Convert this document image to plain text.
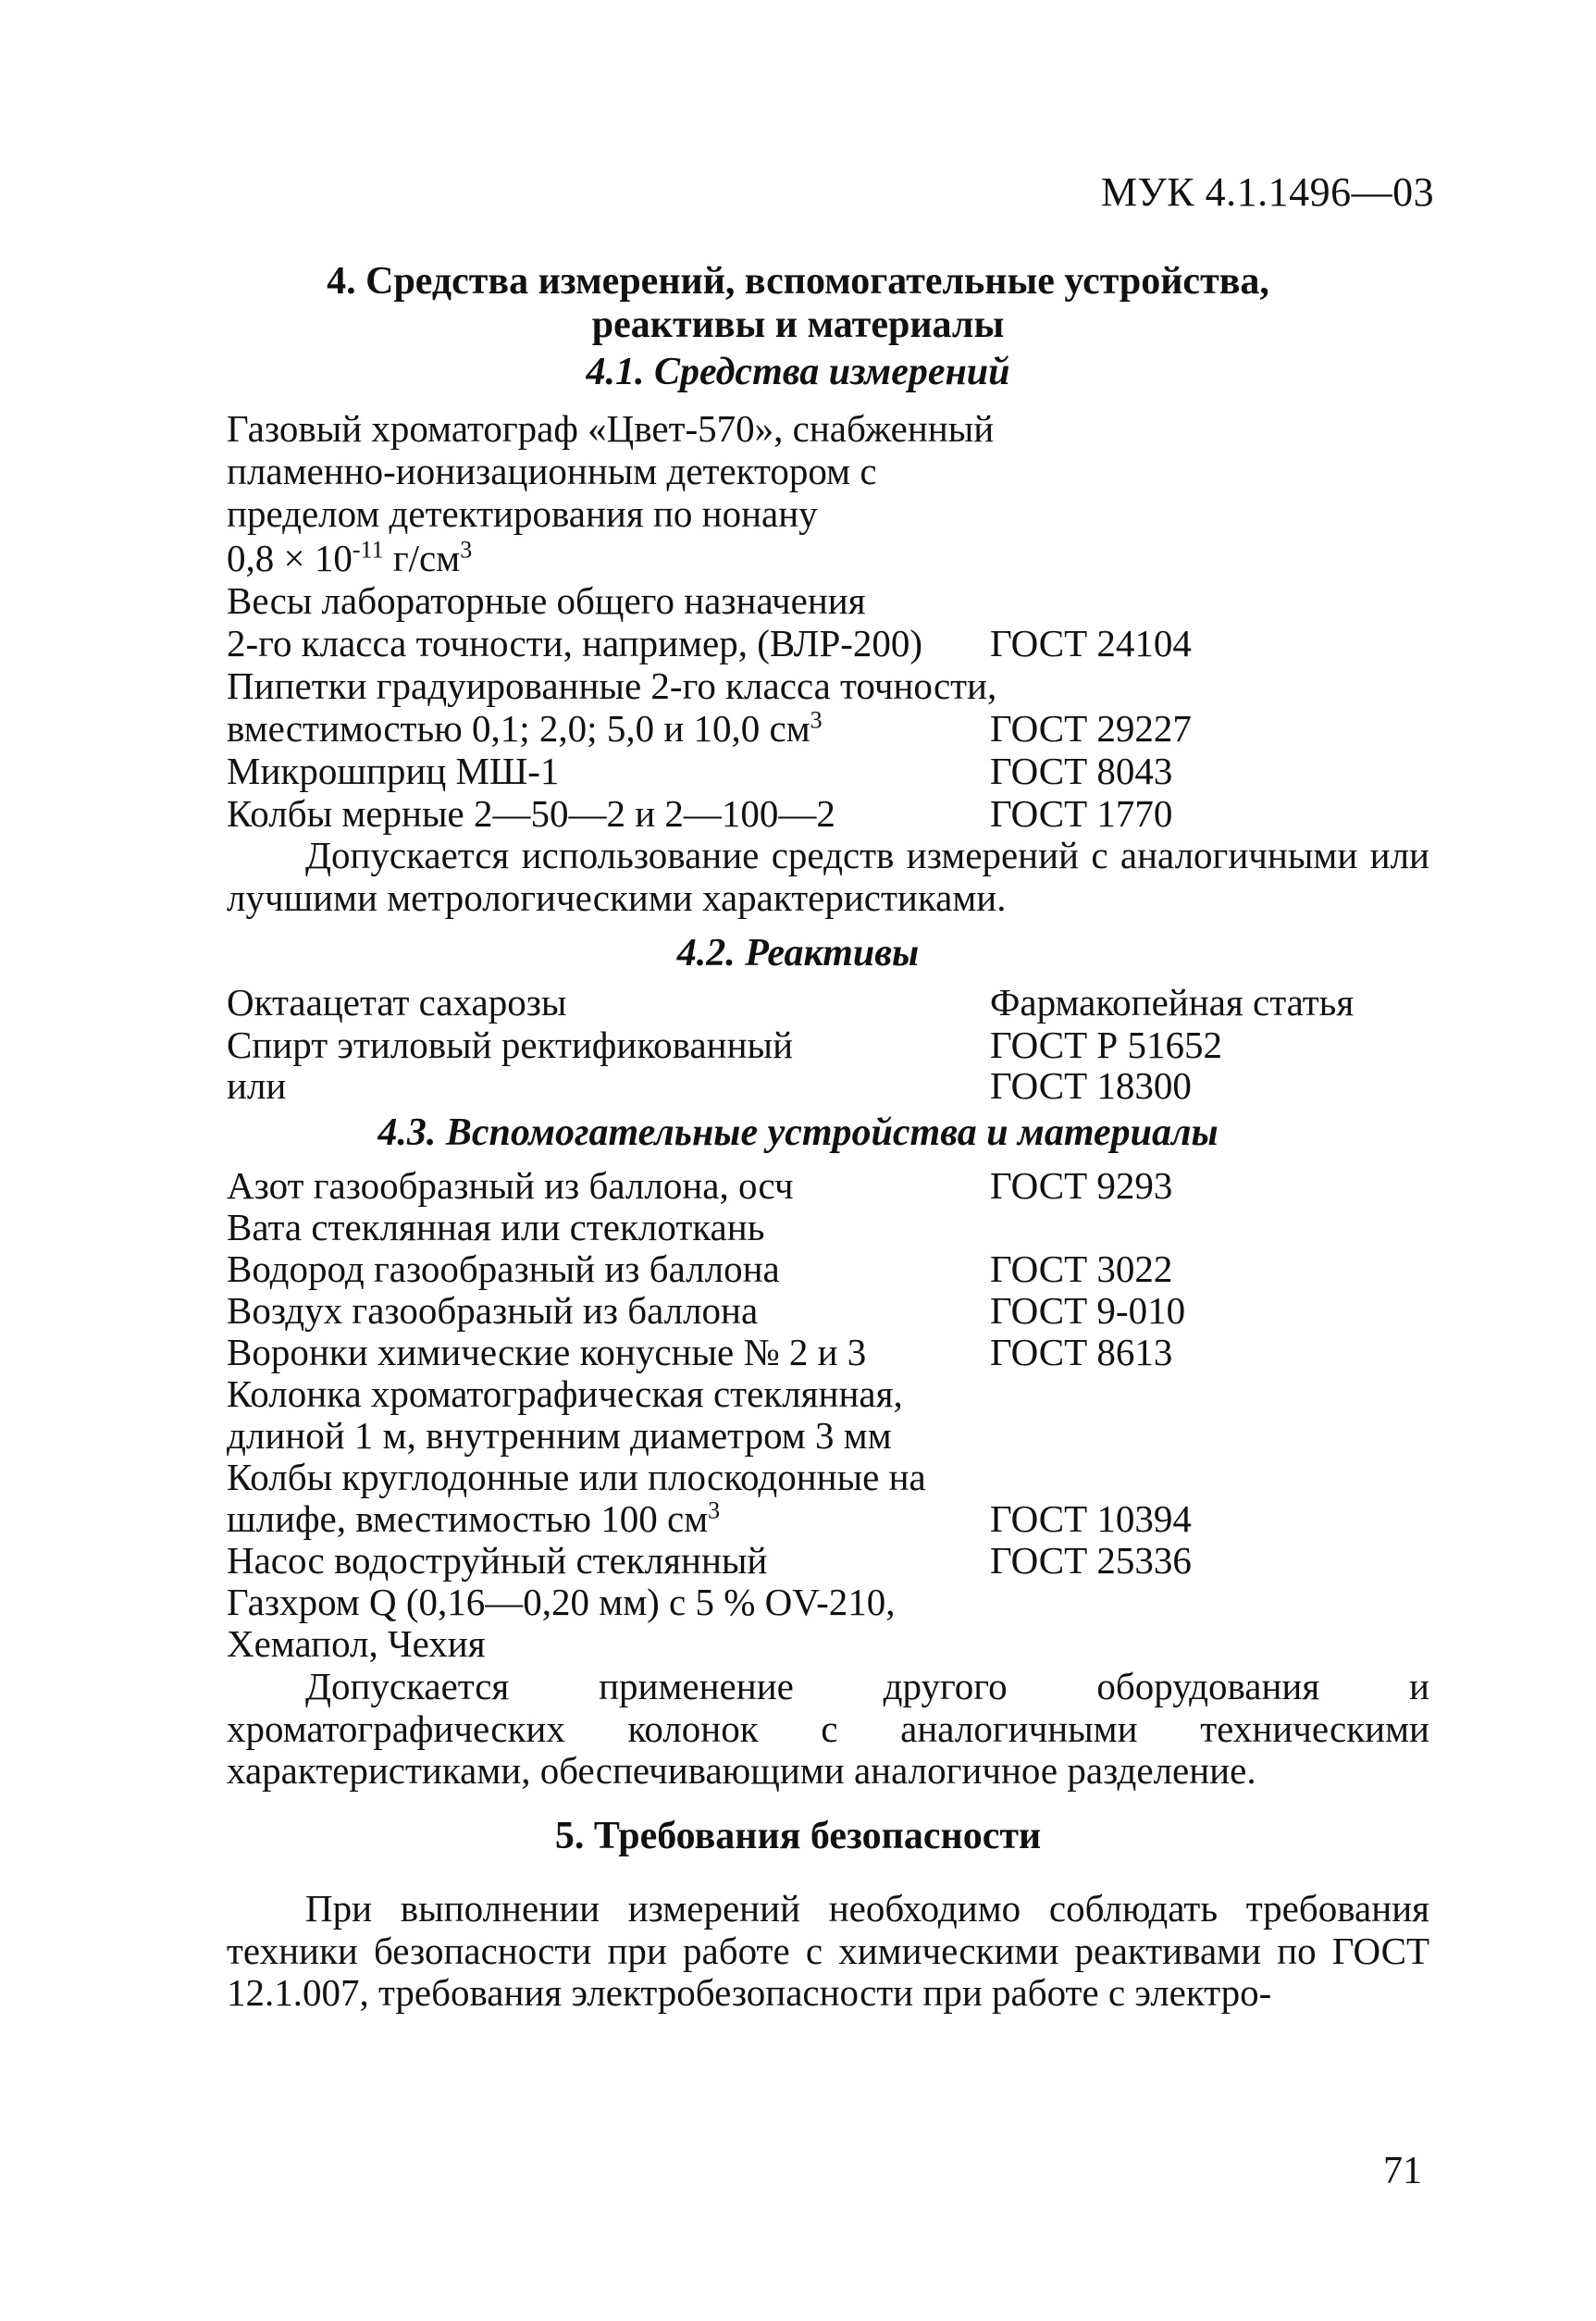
МУК 4.1.1496—03
4. Средства измерений, вспомогательные устройства,
реактивы и материалы
4.1. Средства измерений
Газовый хроматограф «Цвет-570», снабженный
пламенно-ионизационным детектором с
пределом детектирования по нонану
$0,8 \times 10^{-11}$ $г/см^3$
Весы лабораторные общего назначения
2-го класса точности, например, (ВЛР-200) ГОСТ 24104
Пипетки градуированные 2-го класса точности,
вместимостью 0,1; 2,0; 5,0 и 10,0 $см^3$	ГОСТ 29227
Микрошприц МШ-1	ГОСТ 8043
Колбы мерные 2—50—2 и 2—100—2	ГОСТ 1770
Допускается использование средств измерений с аналогичными или лучшими метрологическими характеристиками.
4.2. Реактивы
Октаацетат сахарозы	Фармакопейная статья
Спирт этиловый ректификованный	ГОСТ Р 51652
или	ГОСТ 18300
4.3. Вспомогательные устройства и материалы
Азот газообразный из баллона, осч	ГОСТ 9293
Вата стеклянная или стеклоткань
Водород газообразный из баллона	ГОСТ 3022
Воздух газообразный из баллона	ГОСТ 9-010
Воронки химические конусные № 2 и 3	ГОСТ 8613
Колонка хроматографическая стеклянная,
длиной 1 м, внутренним диаметром 3 мм
Колбы круглодонные или плоскодонные на
шлифе, вместимостью 100 $см^3$	ГОСТ 10394
Насос водоструйный стеклянный	ГОСТ 25336
Газхром Q (0,16—0,20 мм) с 5 % OV-210,
Хемапол, Чехия
Допускается применение другого оборудования и хроматографических колонок с аналогичными техническими характеристиками, обеспечивающими аналогичное разделение.
5. Требования безопасности
При выполнении измерений необходимо соблюдать требования техники безопасности при работе с химическими реактивами по ГОСТ 12.1.007, требования электробезопасности при работе с электро-
71
